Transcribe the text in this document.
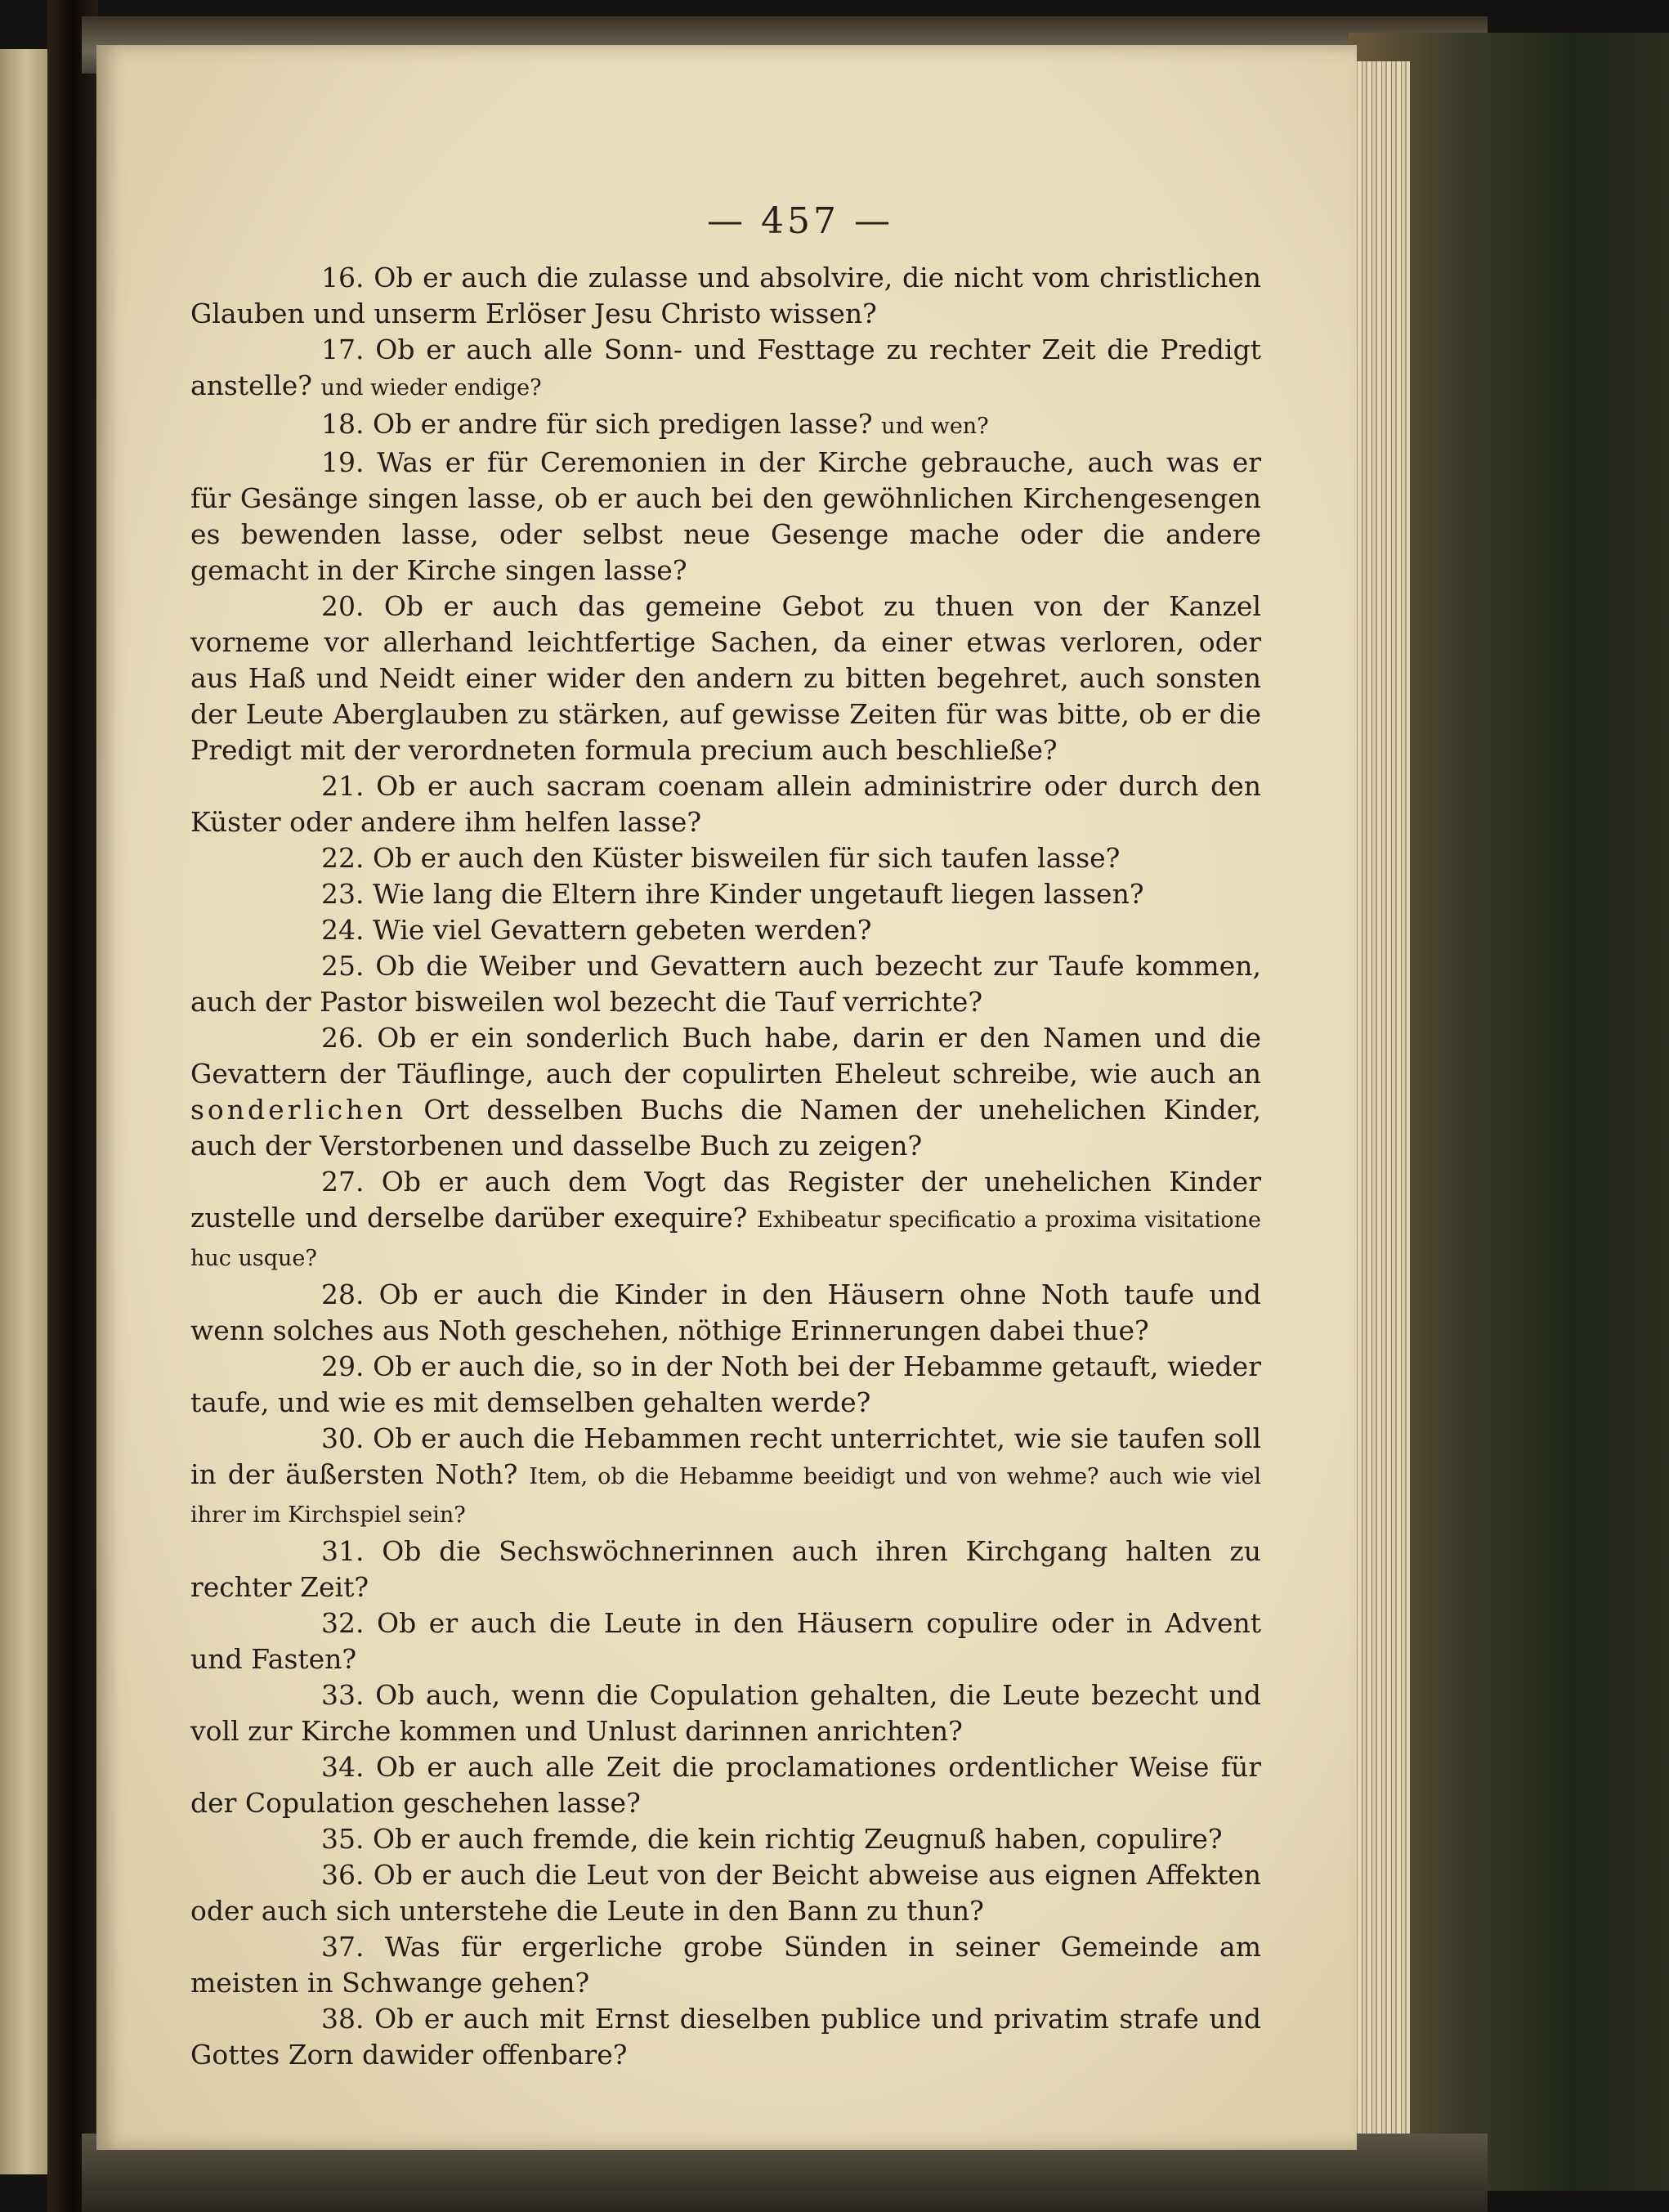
— 457 —

16. Ob er auch die zulasse und absolvire, die nicht vom christlichen Glauben und unserm Erlöser Jesu Christo wissen?

17. Ob er auch alle Sonn- und Festtage zu rechter Zeit die Predigt anstelle? und wieder endige?

18. Ob er andre für sich predigen lasse? und wen?

19. Was er für Ceremonien in der Kirche gebrauche, auch was er für Gesänge singen lasse, ob er auch bei den gewöhnlichen Kirchengesengen es bewenden lasse, oder selbst neue Gesenge mache oder die andere gemacht in der Kirche singen lasse?

20. Ob er auch das gemeine Gebot zu thuen von der Kanzel vorneme vor allerhand leichtfertige Sachen, da einer etwas verloren, oder aus Haß und Neidt einer wider den andern zu bitten begehret, auch sonsten der Leute Aberglauben zu stärken, auf gewisse Zeiten für was bitte, ob er die Predigt mit der verordneten formula precium auch beschließe?

21. Ob er auch sacram coenam allein administrire oder durch den Küster oder andere ihm helfen lasse?

22. Ob er auch den Küster bisweilen für sich taufen lasse?

23. Wie lang die Eltern ihre Kinder ungetauft liegen lassen?

24. Wie viel Gevattern gebeten werden?

25. Ob die Weiber und Gevattern auch bezecht zur Taufe kommen, auch der Pastor bisweilen wol bezecht die Tauf verrichte?

26. Ob er ein sonderlich Buch habe, darin er den Namen und die Gevattern der Täuflinge, auch der copulirten Eheleut schreibe, wie auch an sonderlichen Ort desselben Buchs die Namen der unehelichen Kinder, auch der Verstorbenen und dasselbe Buch zu zeigen?

27. Ob er auch dem Vogt das Register der unehelichen Kinder zustelle und derselbe darüber exequire? Exhibeatur specificatio a proxima visitatione huc usque?

28. Ob er auch die Kinder in den Häusern ohne Noth taufe und wenn solches aus Noth geschehen, nöthige Erinnerungen dabei thue?

29. Ob er auch die, so in der Noth bei der Hebamme getauft, wieder taufe, und wie es mit demselben gehalten werde?

30. Ob er auch die Hebammen recht unterrichtet, wie sie taufen soll in der äußersten Noth? Item, ob die Hebamme beeidigt und von wehme? auch wie viel ihrer im Kirchspiel sein?

31. Ob die Sechswöchnerinnen auch ihren Kirchgang halten zu rechter Zeit?

32. Ob er auch die Leute in den Häusern copulire oder in Advent und Fasten?

33. Ob auch, wenn die Copulation gehalten, die Leute bezecht und voll zur Kirche kommen und Unlust darinnen anrichten?

34. Ob er auch alle Zeit die proclamationes ordentlicher Weise für der Copulation geschehen lasse?

35. Ob er auch fremde, die kein richtig Zeugnuß haben, copulire?

36. Ob er auch die Leut von der Beicht abweise aus eignen Affekten oder auch sich unterstehe die Leute in den Bann zu thun?

37. Was für ergerliche grobe Sünden in seiner Gemeinde am meisten in Schwange gehen?

38. Ob er auch mit Ernst dieselben publice und privatim strafe und Gottes Zorn dawider offenbare?
